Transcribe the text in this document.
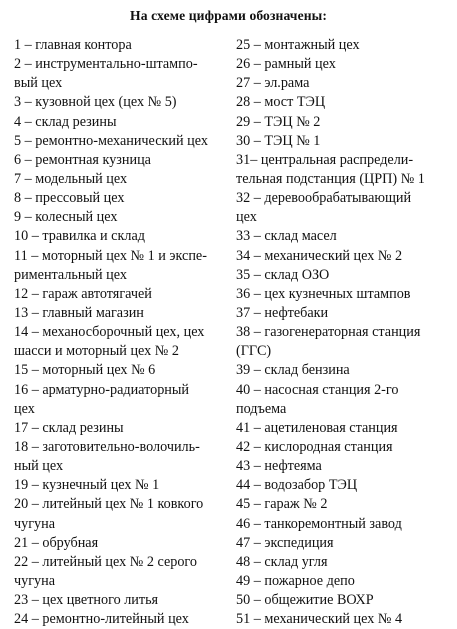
На схеме цифрами обозначены:
1 – главная контора
2 – инструментально-штампо-
вый цех
3 – кузовной цех (цех № 5)
4 – склад резины
5 – ремонтно-механический цех
6 – ремонтная кузница
7 – модельный цех
8 – прессовый цех
9 – колесный цех
10 – травилка и склад
11 – моторный цех № 1 и экспе-
риментальный цех
12 – гараж автотягачей
13 – главный магазин
14 – механосборочный цех, цех
шасси и моторный цех № 2
15 – моторный цех № 6
16 – арматурно-радиаторный
цех
17 – склад резины
18 – заготовительно-волочиль-
ный цех
19 – кузнечный цех № 1
20 – литейный цех № 1 ковкого
чугуна
21 – обрубная
22 – литейный цех № 2 серого
чугуна
23 – цех цветного литья
24 – ремонтно-литейный цех
25 – монтажный цех
26 – рамный цех
27 – эл.рама
28 – мост ТЭЦ
29 – ТЭЦ № 2
30 – ТЭЦ № 1
31– центральная распредели-
тельная подстанция (ЦРП) № 1
32 – деревообрабатывающий
цех
33 – склад масел
34 – механический цех № 2
35 – склад ОЗО
36 – цех кузнечных штампов
37 – нефтебаки
38 – газогенераторная станция
(ГГС)
39 – склад бензина
40 – насосная станция 2-го
подъема
41 – ацетиленовая станция
42 – кислородная станция
43 – нефтеяма
44 – водозабор ТЭЦ
45 – гараж № 2
46 – танкоремонтный завод
47 – экспедиция
48 – склад угля
49 – пожарное депо
50 – общежитие ВОХР
51 – механический цех № 4
